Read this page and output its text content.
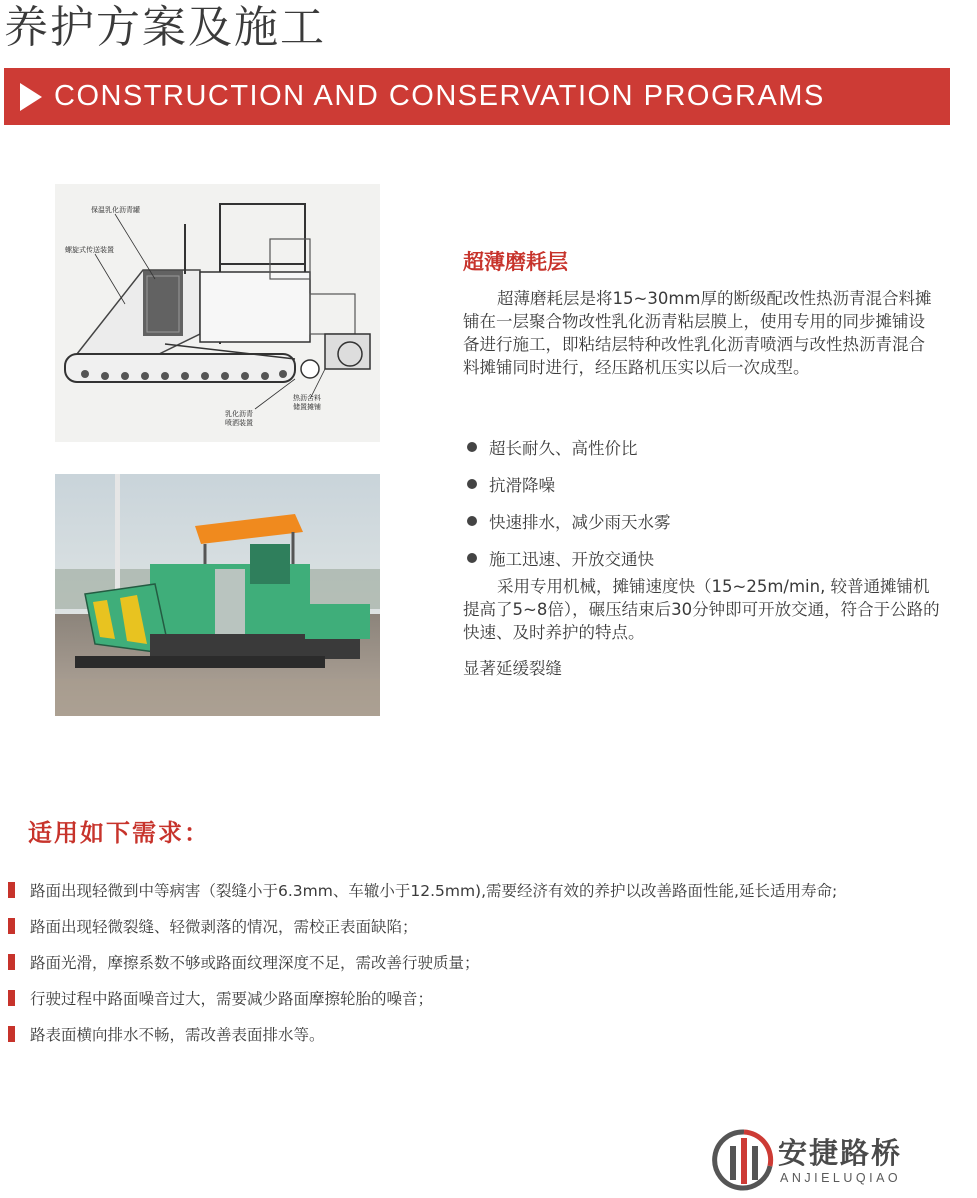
养护方案及施工
CONSTRUCTION AND CONSERVATION PROGRAMS
保温乳化沥青罐
螺旋式传送装置
热沥合料
储置摊铺
乳化沥青
喷洒装置
超薄磨耗层
超薄磨耗层是将15~30mm厚的断级配改性热沥青混合料摊铺在一层聚合物改性乳化沥青粘层膜上，使用专用的同步摊铺设备进行施工，即粘结层特种改性乳化沥青喷洒与改性热沥青混合料摊铺同时进行，经压路机压实以后一次成型。
超长耐久、高性价比
抗滑降噪
快速排水，减少雨天水雾
施工迅速、开放交通快
采用专用机械，摊铺速度快（15~25m/min, 较普通摊铺机提高了5~8倍），碾压结束后30分钟即可开放交通，符合于公路的快速、及时养护的特点。
显著延缓裂缝
适用如下需求：
路面出现轻微到中等病害（裂缝小于6.3mm、车辙小于12.5mm),需要经济有效的养护以改善路面性能,延长适用寿命;
路面出现轻微裂缝、轻微剥落的情况，需校正表面缺陷；
路面光滑，摩擦系数不够或路面纹理深度不足，需改善行驶质量；
行驶过程中路面噪音过大，需要减少路面摩擦轮胎的噪音；
路表面横向排水不畅，需改善表面排水等。
安捷路桥
ANJIELUQIAO
